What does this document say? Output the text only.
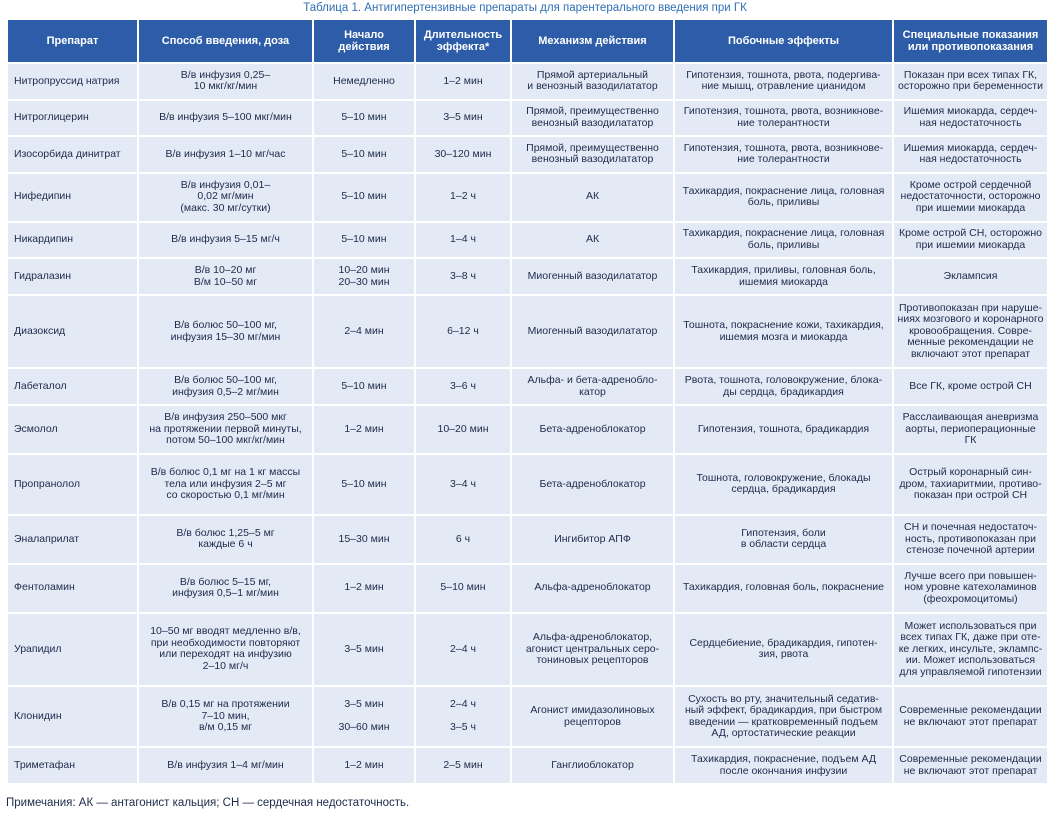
Таблица 1. Антигипертензивные препараты для парентерального введения при ГК
Препарат	Способ введения, доза	Начало действия	Длительность эффекта*	Механизм действия	Побочные эффекты	Специальные показания или противопоказания
Нитропруссид натрия	В/в инфузия 0,25–
10 мкг/кг/мин	Немедленно	1–2 мин	Прямой артериальный
и венозный вазодилататор	Гипотензия, тошнота, рвота, подергива-
ние мышц, отравление цианидом	Показан при всех типах ГК,
осторожно при беременности
Нитроглицерин	В/в инфузия 5–100 мкг/мин	5–10 мин	3–5 мин	Прямой, преимущественно
венозный вазодилататор	Гипотензия, тошнота, рвота, возникнове-
ние толерантности	Ишемия миокарда, сердеч-
ная недостаточность
Изосорбида динитрат	В/в инфузия 1–10 мг/час	5–10 мин	30–120 мин	Прямой, преимущественно
венозный вазодилататор	Гипотензия, тошнота, рвота, возникнове-
ние толерантности	Ишемия миокарда, сердеч-
ная недостаточность
Нифедипин	В/в инфузия 0,01–
0,02 мг/мин
(макс. 30 мг/сутки)	5–10 мин	1–2 ч	АК	Тахикардия, покраснение лица, головная
боль, приливы	Кроме острой сердечной
недостаточности, осторожно
при ишемии миокарда
Никардипин	В/в инфузия 5–15 мг/ч	5–10 мин	1–4 ч	АК	Тахикардия, покраснение лица, головная
боль, приливы	Кроме острой СН, осторожно
при ишемии миокарда
Гидралазин	В/в 10–20 мг
В/м 10–50 мг	10–20 мин
20–30 мин	3–8 ч	Миогенный вазодилататор	Тахикардия, приливы, головная боль,
ишемия миокарда	Эклампсия
Диазоксид	В/в болюс 50–100 мг,
инфузия 15–30 мг/мин	2–4 мин	6–12 ч	Миогенный вазодилататор	Тошнота, покраснение кожи, тахикардия,
ишемия мозга и миокарда	Противопоказан при наруше-
ниях мозгового и коронарного
кровообращения. Совре-
менные рекомендации не
включают этот препарат
Лабеталол	В/в болюс 50–100 мг,
инфузия 0,5–2 мг/мин	5–10 мин	3–6 ч	Альфа- и бета-адреноблo-
катор	Рвота, тошнота, головокружение, блока-
ды сердца, брадикардия	Все ГК, кроме острой СН
Эсмолол	В/в инфузия 250–500 мкг
на протяжении первой минуты,
потом 50–100 мкг/кг/мин	1–2 мин	10–20 мин	Бета-адреноблокатор	Гипотензия, тошнота, брадикардия	Расслаивающая аневризма
аорты, периоперационные
ГК
Пропранолол	В/в болюс 0,1 мг на 1 кг массы
тела или инфузия 2–5 мг
со скоростью 0,1 мг/мин	5–10 мин	3–4 ч	Бета-адреноблокатор	Тошнота, головокружение, блокады
сердца, брадикардия	Острый коронарный син-
дром, тахиаритмии, противо-
показан при острой СН
Эналаприлат	В/в болюс 1,25–5 мг
каждые 6 ч	15–30 мин	6 ч	Ингибитор АПФ	Гипотензия, боли
в области сердца	СН и почечная недостаточ-
ность, противопоказан при
стенозе почечной артерии
Фентоламин	В/в болюс 5–15 мг,
инфузия 0,5–1 мг/мин	1–2 мин	5–10 мин	Альфа-адреноблокатор	Тахикардия, головная боль, покраснение	Лучше всего при повышен-
ном уровне катехоламинов
(феохромоцитомы)
Урапидил	10–50 мг вводят медленно в/в,
при необходимости повторяют
или переходят на инфузию
2–10 мг/ч	3–5 мин	2–4 ч	Альфа-адреноблокатор,
агонист центральных серо-
тониновых рецепторов	Сердцебиение, брадикардия, гипотен-
зия, рвота	Может использоваться при
всех типах ГК, даже при оте-
ке легких, инсульте, эклампс-
ии. Может использоваться
для управляемой гипотензии
Клонидин	В/в 0,15 мг на протяжении
7–10 мин,
в/м 0,15 мг	3–5 мин

30–60 мин	2–4 ч

3–5 ч	Агонист имидазолиновых
рецепторов	Сухость во рту, значительный седатив-
ный эффект, брадикардия, при быстром
введении — кратковременный подъем
АД, ортостатические реакции	Современные рекомендации
не включают этот препарат
Триметафан	В/в инфузия 1–4 мг/мин	1–2 мин	2–5 мин	Ганглиоблокатор	Тахикардия, покраснение, подъем АД
после окончания инфузии	Современные рекомендации
не включают этот препарат
Примечания: АК — антагонист кальция; СН — сердечная недостаточность.
